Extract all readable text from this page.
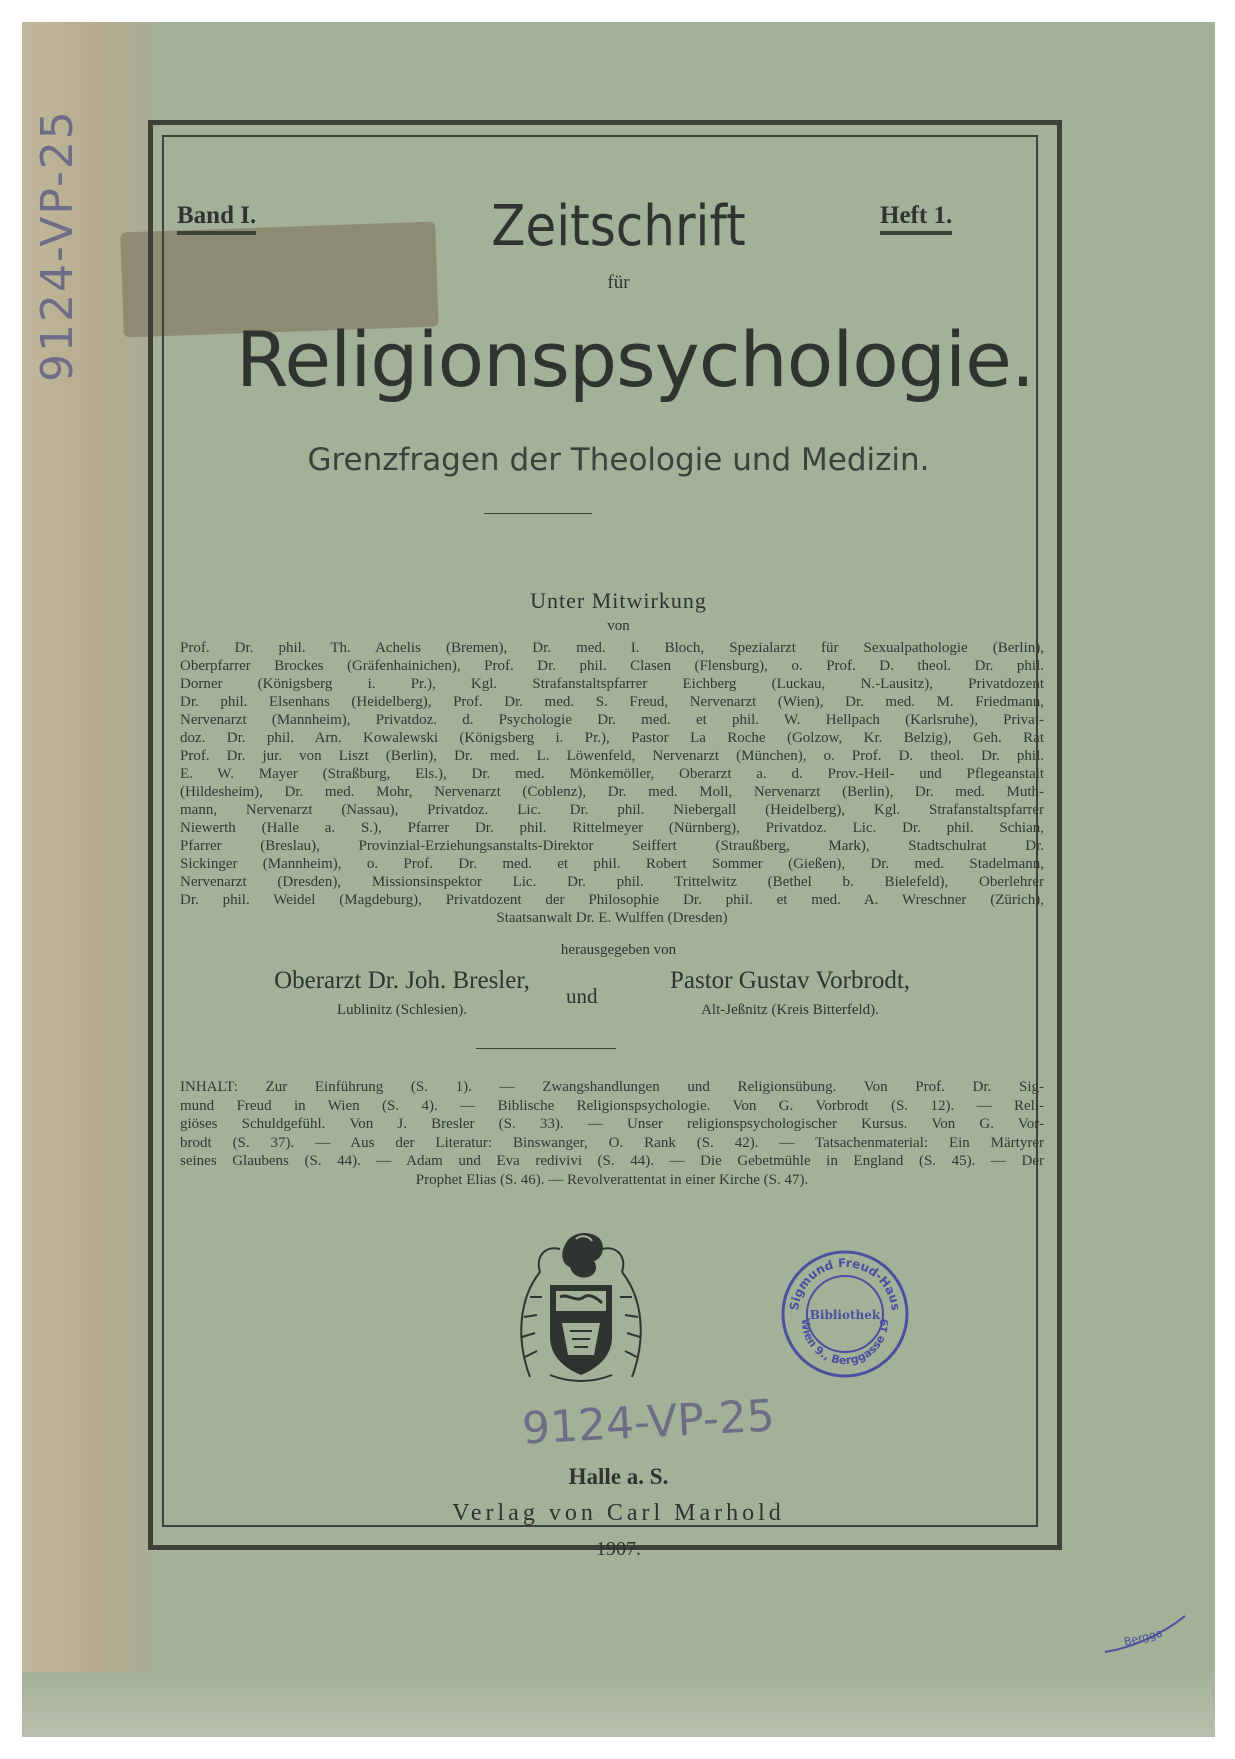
9124-VP-25	Band I.	Heft 1.
Zeitschrift
für
Religionspsychologie.
Grenzfragen der Theologie und Medizin.
Unter Mitwirkung
von
Prof. Dr. phil. Th. Achelis (Bremen), Dr. med. I. Bloch, Spezialarzt für Sexualpathologie (Berlin),
Oberpfarrer Brockes (Gräfenhainichen), Prof. Dr. phil. Clasen (Flensburg), o. Prof. D. theol. Dr. phil.
Dorner (Königsberg i. Pr.), Kgl. Strafanstaltspfarrer Eichberg (Luckau, N.-Lausitz), Privatdozent
Dr. phil. Elsenhans (Heidelberg), Prof. Dr. med. S. Freud, Nervenarzt (Wien), Dr. med. M. Friedmann,
Nervenarzt (Mannheim), Privatdoz. d. Psychologie Dr. med. et phil. W. Hellpach (Karlsruhe), Privat-
doz. Dr. phil. Arn. Kowalewski (Königsberg i. Pr.), Pastor La Roche (Golzow, Kr. Belzig), Geh. Rat
Prof. Dr. jur. von Liszt (Berlin), Dr. med. L. Löwenfeld, Nervenarzt (München), o. Prof. D. theol. Dr. phil.
E. W. Mayer (Straßburg, Els.), Dr. med. Mönkemöller, Oberarzt a. d. Prov.-Heil- und Pflegeanstalt
(Hildesheim), Dr. med. Mohr, Nervenarzt (Coblenz), Dr. med. Moll, Nervenarzt (Berlin), Dr. med. Muth-
mann, Nervenarzt (Nassau), Privatdoz. Lic. Dr. phil. Niebergall (Heidelberg), Kgl. Strafanstaltspfarrer
Niewerth (Halle a. S.), Pfarrer Dr. phil. Rittelmeyer (Nürnberg), Privatdoz. Lic. Dr. phil. Schian,
Pfarrer (Breslau), Provinzial-Erziehungsanstalts-Direktor Seiffert (Straußberg, Mark), Stadtschulrat Dr.
Sickinger (Mannheim), o. Prof. Dr. med. et phil. Robert Sommer (Gießen), Dr. med. Stadelmann,
Nervenarzt (Dresden), Missionsinspektor Lic. Dr. phil. Trittelwitz (Bethel b. Bielefeld), Oberlehrer
Dr. phil. Weidel (Magdeburg), Privatdozent der Philosophie Dr. phil. et med. A. Wreschner (Zürich),
Staatsanwalt Dr. E. Wulffen (Dresden)
herausgegeben von
Oberarzt Dr. Joh. Bresler,
Lublinitz (Schlesien).
und
Pastor Gustav Vorbrodt,
Alt-Jeßnitz (Kreis Bitterfeld).
INHALT: Zur Einführung (S. 1). — Zwangshandlungen und Religionsübung. Von Prof. Dr. Sig-
mund Freud in Wien (S. 4). — Biblische Religionspsychologie. Von G. Vorbrodt (S. 12). — Reli-
giöses Schuldgefühl. Von J. Bresler (S. 33). — Unser religionspsychologischer Kursus. Von G. Vor-
brodt (S. 37). — Aus der Literatur: Binswanger, O. Rank (S. 42). — Tatsachenmaterial: Ein Märtyrer
seines Glaubens (S. 44). — Adam und Eva redivivi (S. 44). — Die Gebetmühle in England (S. 45). — Der
Prophet Elias (S. 46). — Revolverattentat in einer Kirche (S. 47).
Sigmund Freud-Haus
Bibliothek
Wien 9., Berggasse 19
9124-VP-25
Halle a. S.
Verlag von Carl Marhold
1907.
Bergga
